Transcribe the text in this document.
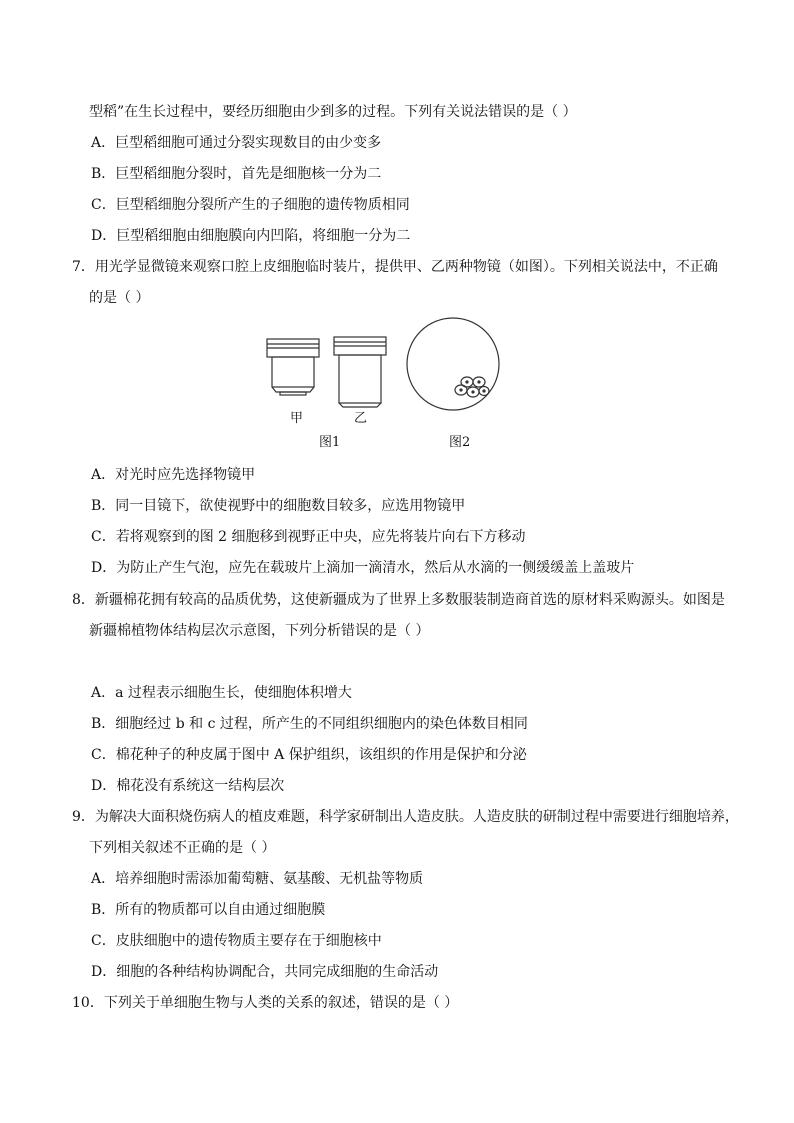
型稻”在生长过程中，要经历细胞由少到多的过程。下列有关说法错误的是（ ）
A．巨型稻细胞可通过分裂实现数目的由少变多
B．巨型稻细胞分裂时，首先是细胞核一分为二
C．巨型稻细胞分裂所产生的子细胞的遗传物质相同
D．巨型稻细胞由细胞膜向内凹陷，将细胞一分为二
7．用光学显微镜来观察口腔上皮细胞临时装片，提供甲、乙两种物镜（如图）。下列相关说法中，不正确
的是（ ）
甲	乙
图1	图2
A．对光时应先选择物镜甲
B．同一目镜下，欲使视野中的细胞数目较多，应选用物镜甲
C．若将观察到的图 2 细胞移到视野正中央，应先将装片向右下方移动
D．为防止产生气泡，应先在载玻片上滴加一滴清水，然后从水滴的一侧缓缓盖上盖玻片
8．新疆棉花拥有较高的品质优势，这使新疆成为了世界上多数服装制造商首选的原材料采购源头。如图是
新疆棉植物体结构层次示意图，下列分析错误的是（ ）
A．a 过程表示细胞生长，使细胞体积增大
B．细胞经过 b 和 c 过程，所产生的不同组织细胞内的染色体数目相同
C．棉花种子的种皮属于图中 A 保护组织，该组织的作用是保护和分泌
D．棉花没有系统这一结构层次
9．为解决大面积烧伤病人的植皮难题，科学家研制出人造皮肤。人造皮肤的研制过程中需要进行细胞培养，
下列相关叙述不正确的是（ ）
A．培养细胞时需添加葡萄糖、氨基酸、无机盐等物质
B．所有的物质都可以自由通过细胞膜
C．皮肤细胞中的遗传物质主要存在于细胞核中
D．细胞的各种结构协调配合，共同完成细胞的生命活动
10．下列关于单细胞生物与人类的关系的叙述，错误的是（ ）
